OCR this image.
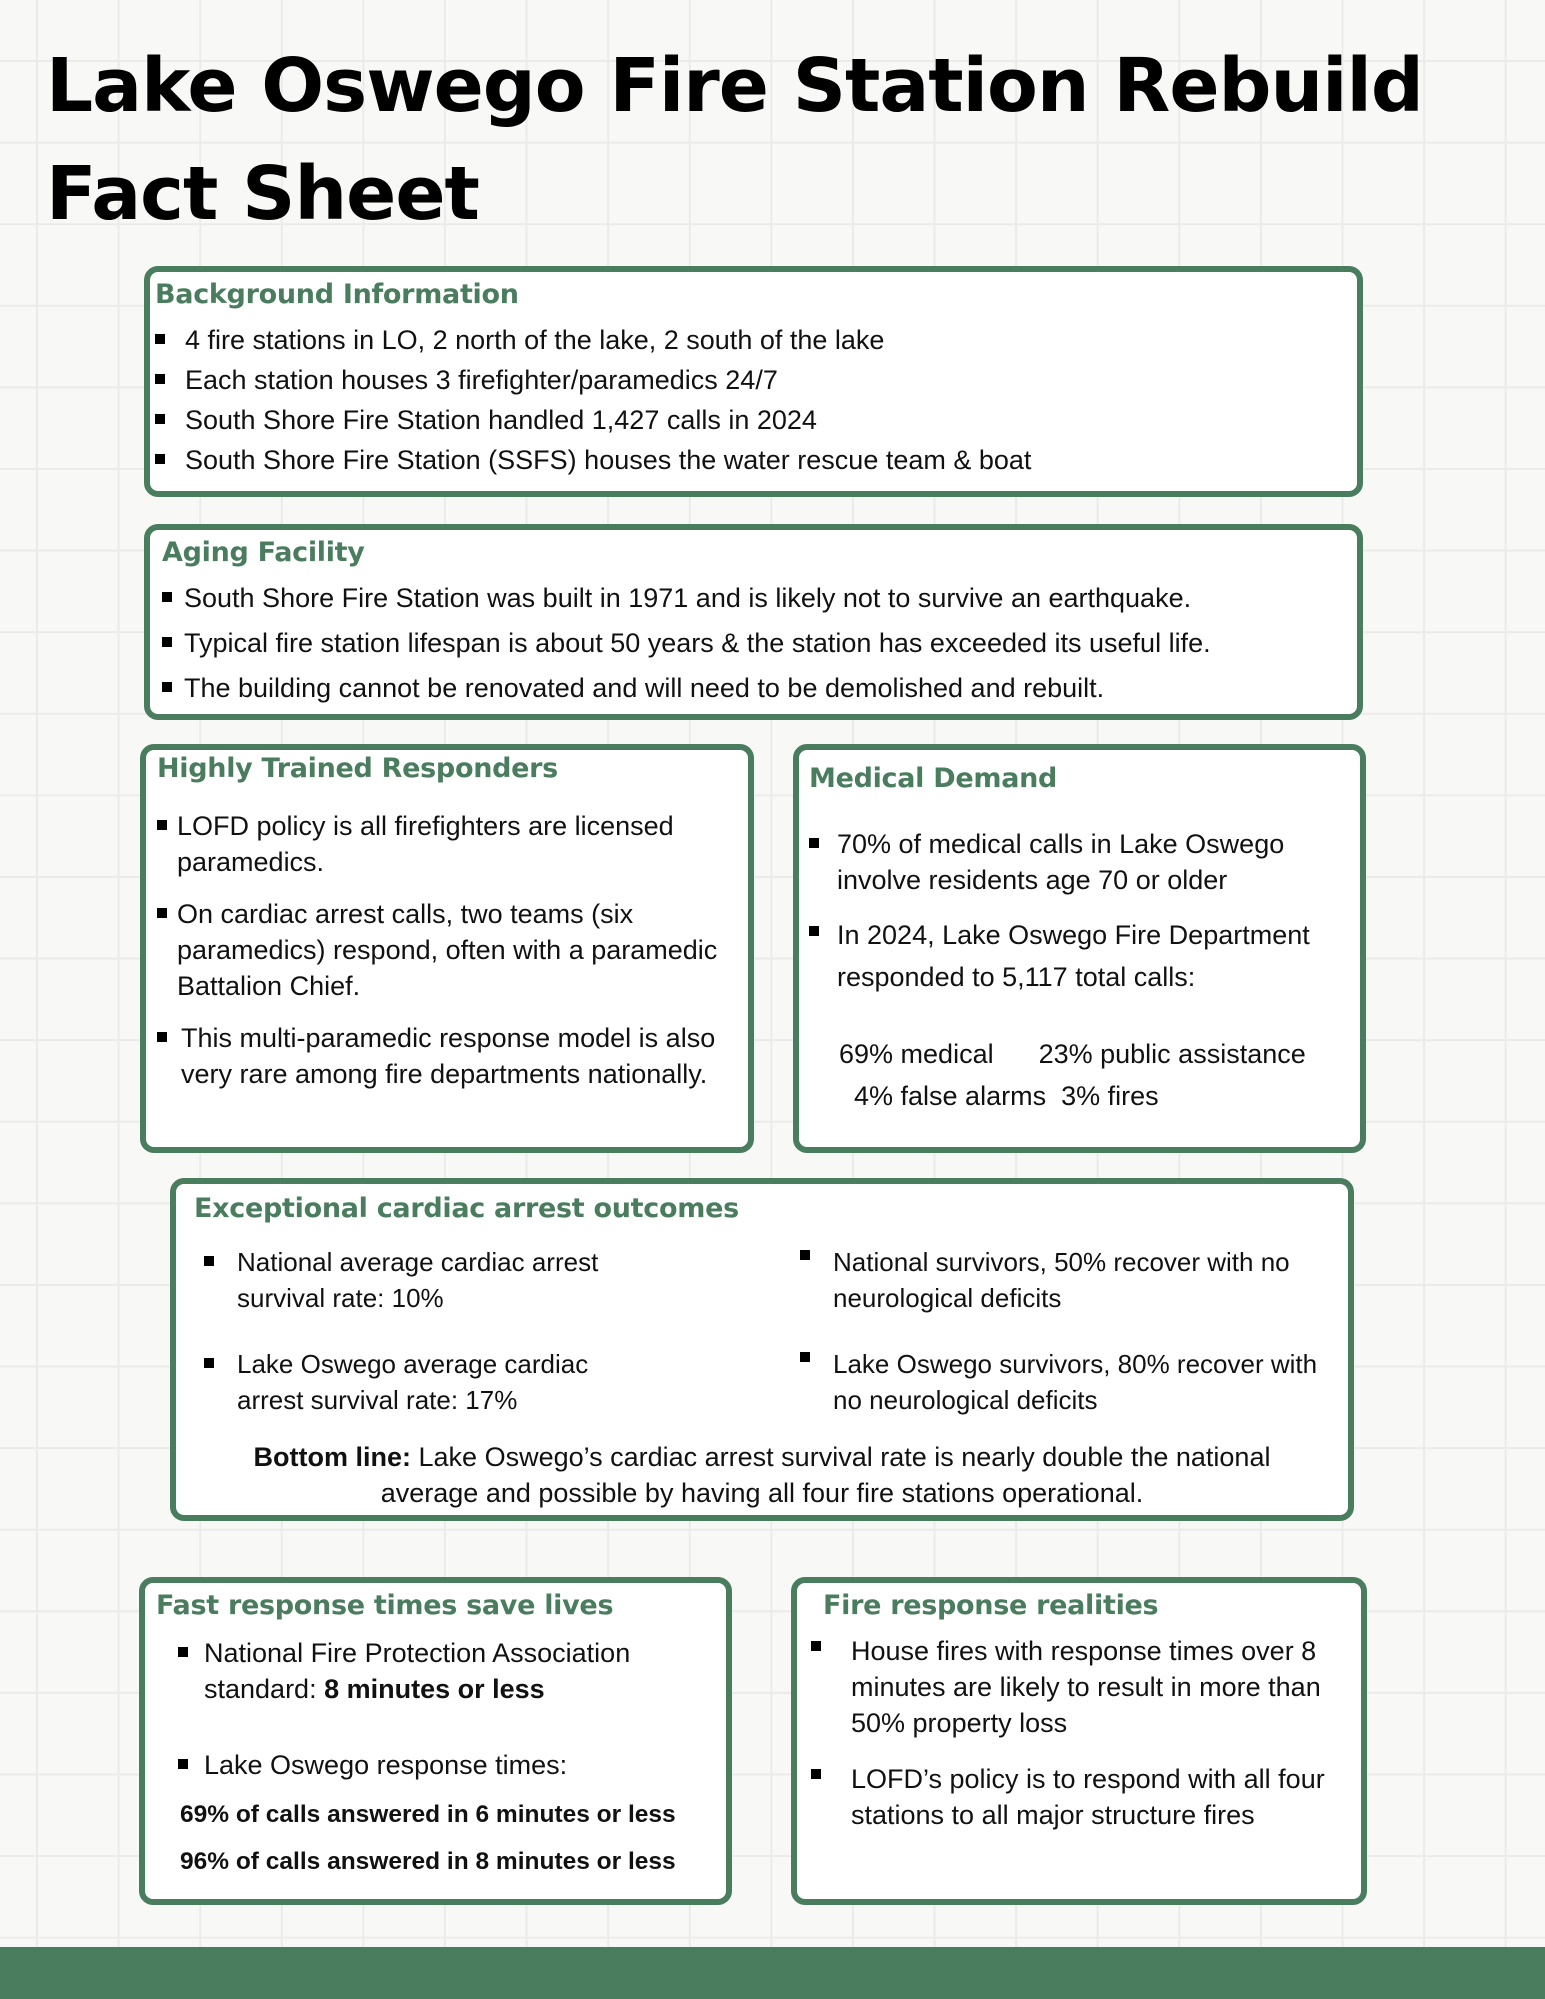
Lake Oswego Fire Station Rebuild
Fact Sheet
Background Information
4 fire stations in LO, 2 north of the lake, 2 south of the lake
Each station houses 3 firefighter/paramedics 24/7
South Shore Fire Station handled 1,427 calls in 2024
South Shore Fire Station (SSFS) houses the water rescue team & boat
Aging Facility
South Shore Fire Station was built in 1971 and is likely not to survive an earthquake.
Typical fire station lifespan is about 50 years & the station has exceeded its useful life.
The building cannot be renovated and will need to be demolished and rebuilt.
Highly Trained Responders
LOFD policy is all firefighters are licensed paramedics.
On cardiac arrest calls, two teams (six paramedics) respond, often with a paramedic Battalion Chief.
This multi-paramedic response model is also very rare among fire departments nationally.
Medical Demand
70% of medical calls in Lake Oswego involve residents age 70 or older
In 2024, Lake Oswego Fire Department responded to 5,117 total calls:
69% medical      23% public assistance
4% false alarms  3% fires
Exceptional cardiac arrest outcomes
National average cardiac arrest survival rate: 10%
Lake Oswego average cardiac arrest survival rate: 17%
National survivors, 50% recover with no neurological deficits
Lake Oswego survivors, 80% recover with no neurological deficits

Bottom line: Lake Oswego’s cardiac arrest survival rate is nearly double the national average and possible by having all four fire stations operational.

Fast response times save lives
National Fire Protection Association standard: 8 minutes or less
Lake Oswego response times:
69% of calls answered in 6 minutes or less
96% of calls answered in 8 minutes or less
Fire response realities
House fires with response times over 8 minutes are likely to result in more than 50% property loss
LOFD’s policy is to respond with all four stations to all major structure fires
